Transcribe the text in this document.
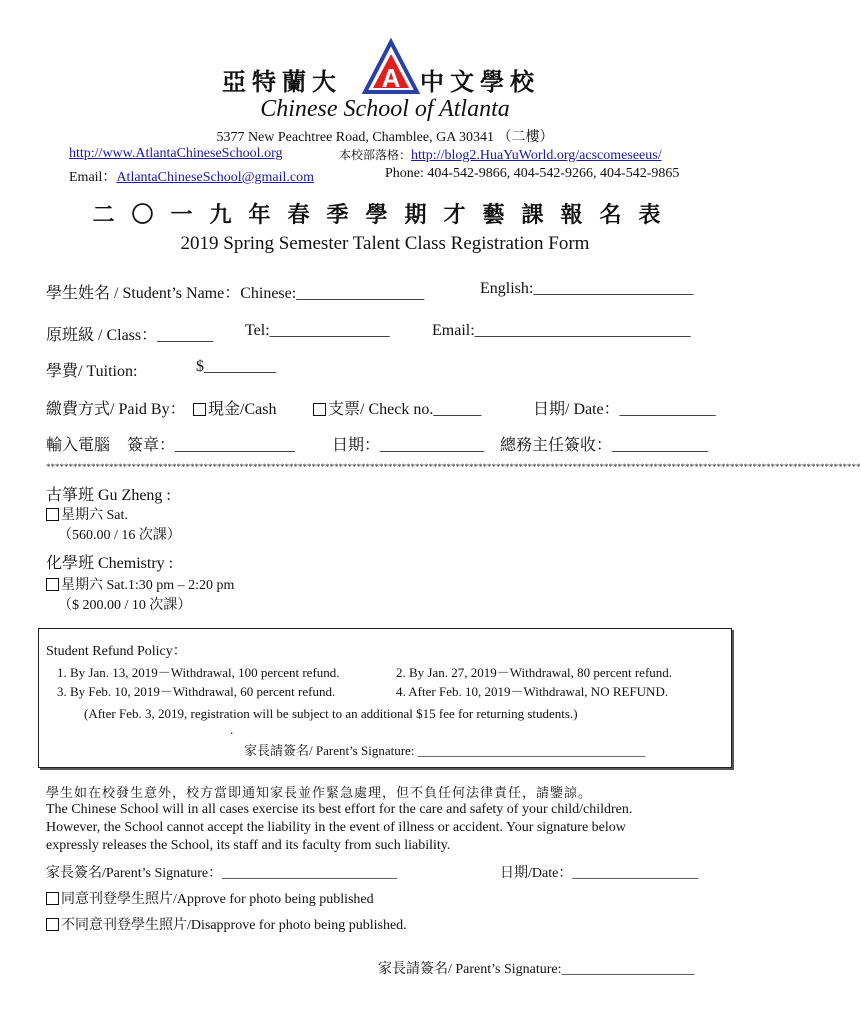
亞特蘭大 A 中文學校
Chinese School of Atlanta
5377 New Peachtree Road, Chamblee, GA 30341 （二樓）
http://www.AtlantaChineseSchool.org	本校部落格：http://blog2.HuaYuWorld.org/acscomeseeus/
Email：AtlantaChineseSchool@gmail.com	Phone: 404-542-9866, 404-542-9266, 404-542-9865
二〇一九年春季學期才藝課報名表
2019 Spring Semester Talent Class Registration Form
學生姓名 / Student’s Name：Chinese:________________	English:____________________
原班級 / Class：_______ Tel:_______________	Email:___________________________
學費/ Tuition:	$_________
繳費方式/ Paid By：	現金/Cash	支票/ Check no.______	日期/ Date：____________
輸入電腦 簽章：_______________ 日期：_____________ 總務主任簽收：____________
*************************************************************************************************************************************************************************************
古箏班 Gu Zheng :
星期六 Sat.
（560.00 / 16 次課）
化學班 Chemistry :
星期六 Sat.1:30 pm – 2:20 pm
（$ 200.00 / 10 次課）
Student Refund Policy：
1. By Jan. 13, 2019－Withdrawal, 100 percent refund.	2. By Jan. 27, 2019－Withdrawal, 80 percent refund.
3. By Feb. 10, 2019－Withdrawal, 60 percent refund.	4. After Feb. 10, 2019－Withdrawal, NO REFUND.
(After Feb. 3, 2019, registration will be subject to an additional $15 fee for returning students.)
.
家長請簽名/ Parent’s Signature: ___________________________________
學生如在校發生意外，校方當即通知家長並作緊急處理，但不負任何法律責任，請鑒諒。
The Chinese School will in all cases exercise its best effort for the care and safety of your child/children.
However, the School cannot accept the liability in the event of illness or accident. Your signature below
expressly releases the School, its staff and its faculty from such liability.
家長簽名/Parent’s Signature：_________________________	日期/Date：__________________
同意刊登學生照片/Approve for photo being published
不同意刊登學生照片/Disapprove for photo being published.
家長請簽名/ Parent’s Signature:___________________
